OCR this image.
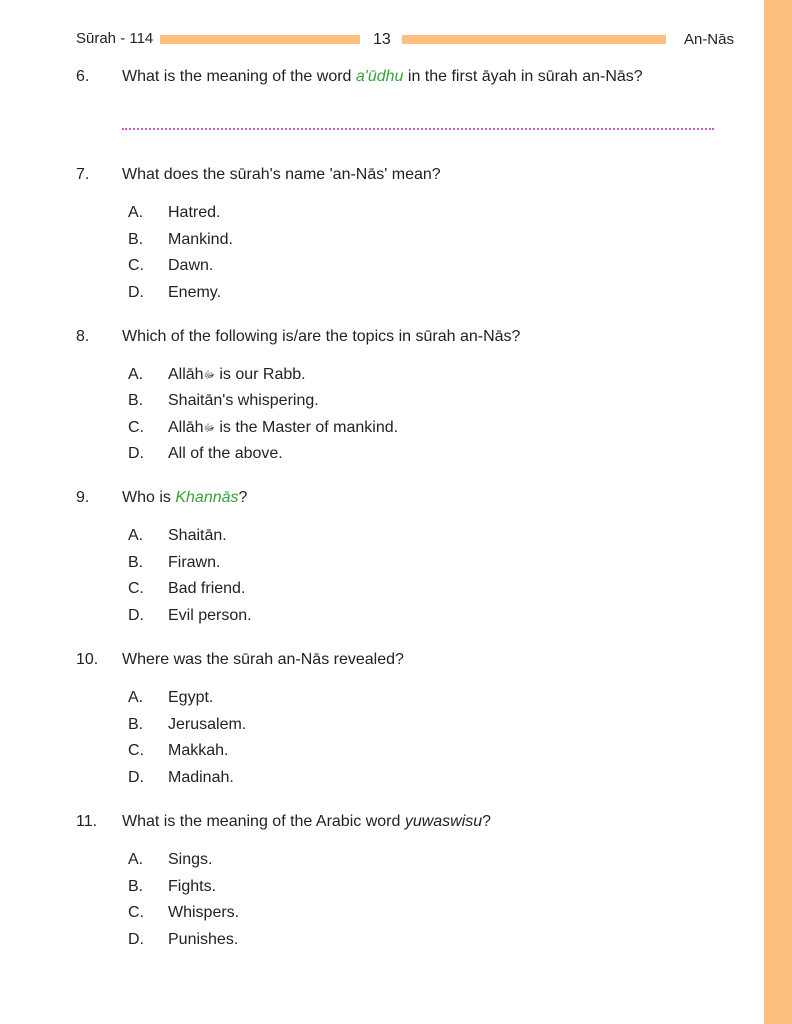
Sūrah - 114	13	An-Nās
6. What is the meaning of the word a'ūdhu in the first āyah in sūrah an-Nās?
7. What does the sūrah's name 'an-Nās' mean?
A. Hatred.
B. Mankind.
C. Dawn.
D. Enemy.
8. Which of the following is/are the topics in sūrah an-Nās?
A. Allāhﷻ is our Rabb.
B. Shaitān's whispering.
C. Allāhﷻ is the Master of mankind.
D. All of the above.
9. Who is Khannās?
A. Shaitān.
B. Firawn.
C. Bad friend.
D. Evil person.
10. Where was the sūrah an-Nās revealed?
A. Egypt.
B. Jerusalem.
C. Makkah.
D. Madinah.
11. What is the meaning of the Arabic word yuwaswisu?
A. Sings.
B. Fights.
C. Whispers.
D. Punishes.
